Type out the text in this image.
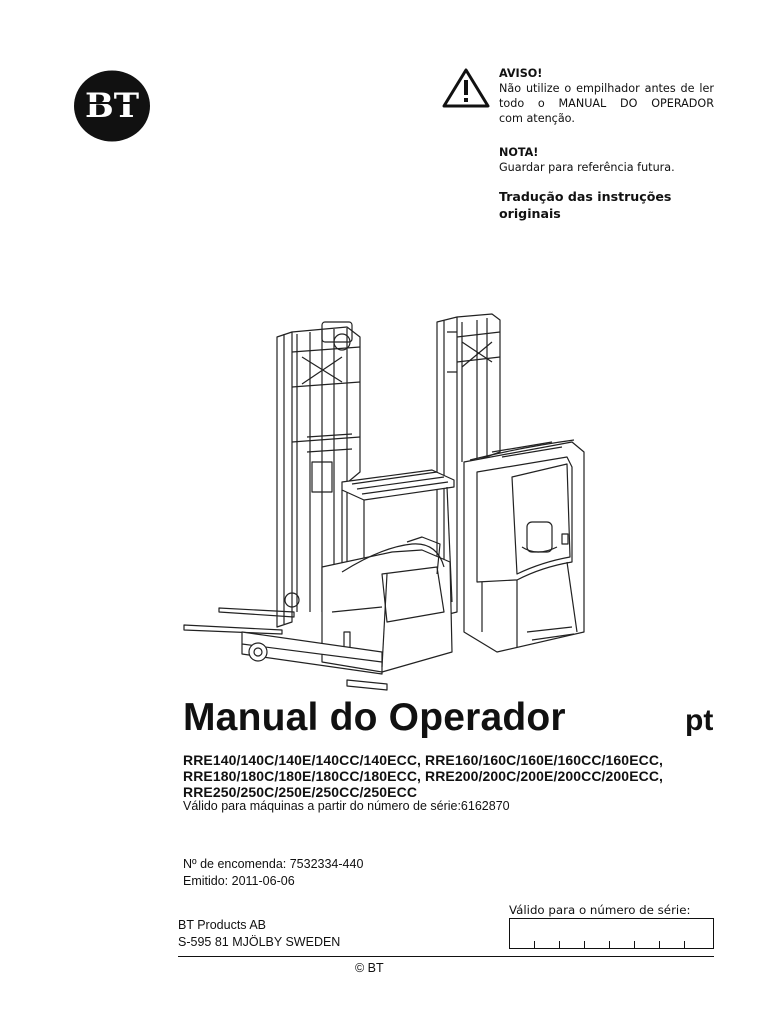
BT
AVISO!
Não utilize o empilhador antes de ler
todo o MANUAL DO OPERADOR
com atenção.
NOTA!
Guardar para referência futura.
Tradução das instruções
originais
Manual do Operador	pt
RRE140/140C/140E/140CC/140ECC, RRE160/160C/160E/160CC/160ECC,
RRE180/180C/180E/180CC/180ECC, RRE200/200C/200E/200CC/200ECC,
RRE250/250C/250E/250CC/250ECC
Válido para máquinas a partir do número de série:6162870
Nº de encomenda: 7532334-440
Emitido: 2011-06-06
BT Products AB
S-595 81 MJÖLBY SWEDEN
Válido para o número de série:
© BT
